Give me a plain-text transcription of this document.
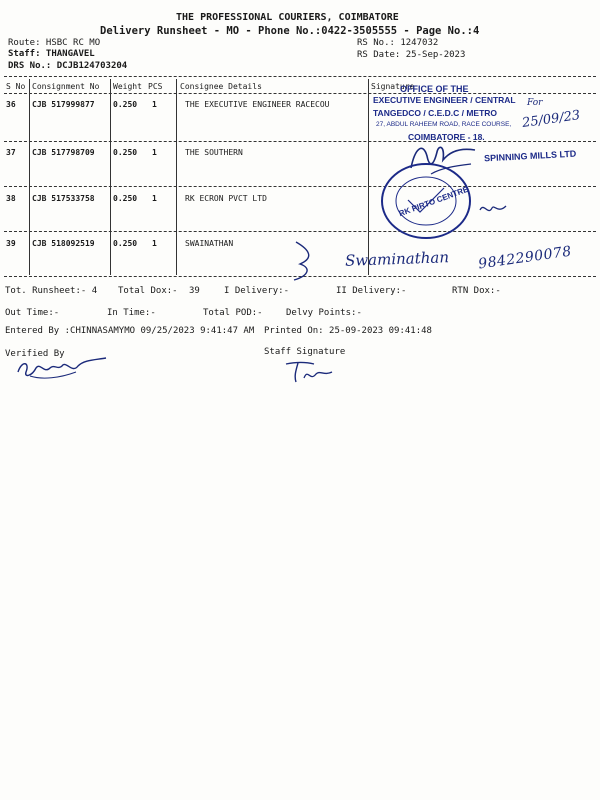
THE PROFESSIONAL COURIERS, COIMBATORE
Delivery Runsheet - MO - Phone No.:0422-3505555 - Page No.:4
Route: HSBC RC MO
Staff: THANGAVEL
DRS No.: DCJB124703204
RS No.: 1247032
RS Date: 25-Sep-2023
S No Consignment No Weight PCS Consignee Details	Signature
36 CJB 517999877 0.250 1	THE EXECUTIVE ENGINEER RACECOU
37 CJB 517798709 0.250 1	THE SOUTHERN
38 CJB 517533758 0.250 1	RK ECRON PVCT LTD
39 CJB 518092519 0.250 1	SWAINATHAN
OFFICE OF THE
EXECUTIVE ENGINEER / CENTRAL
TANGEDCO / C.E.D.C / METRO
27, ABDUL RAHEEM ROAD, RACE COURSE,
COIMBATORE - 18.
For
25/09/23
SPINNING MILLS LTD
RK PIRTO CENTRE
Swaminathan 9842290078
Tot. Runsheet:- 4 Total Dox:- 39	I Delivery:-	II Delivery:-	RTN Dox:-
Out Time:-	In Time:-	Total POD:-	Delvy Points:-
Entered By :CHINNASAMYMO 09/25/2023 9:41:47 AM Printed On: 25-09-2023 09:41:48
Verified By	Staff Signature
